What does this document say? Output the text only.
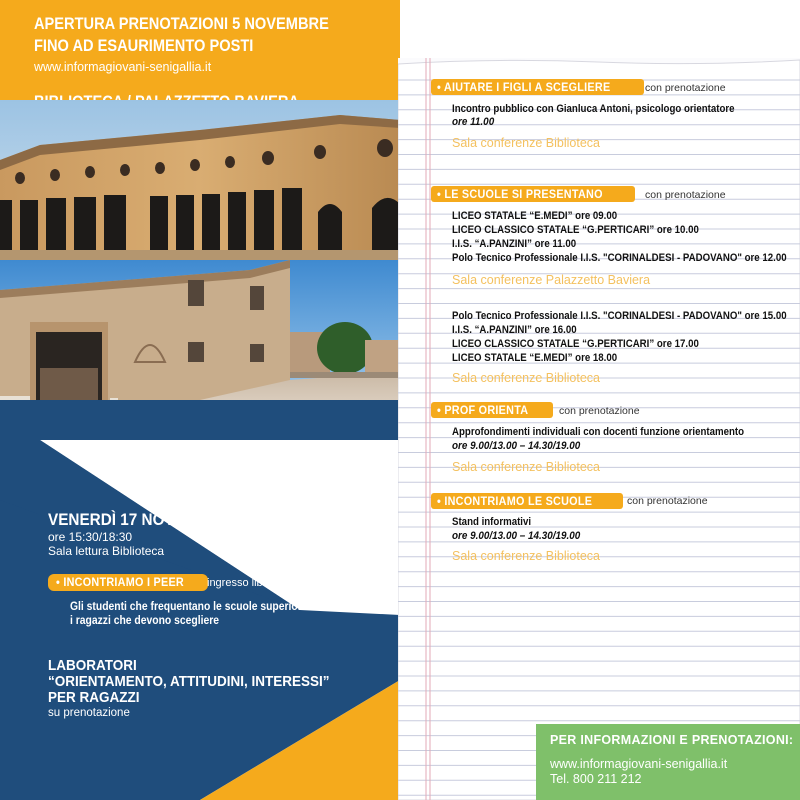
APERTURA PRENOTAZIONI 5 NOVEMBRE
FINO AD ESAURIMENTO POSTI
www.informagiovani-senigallia.it
VENERDÌ 17 NOVEMBRE
ore 15:30/18:30
Sala lettura Biblioteca
• INCONTRIAMO I PEER	ingresso libero
Gli studenti che frequentano le scuole superiori incontrano
i ragazzi che devono scegliere
LABORATORI
“ORIENTAMENTO, ATTITUDINI, INTERESSI”
PER RAGAZZI
su prenotazione
• AIUTARE I FIGLI A SCEGLIERE	con prenotazione
Incontro pubblico con Gianluca Antoni, psicologo orientatore
ore 11.00
Sala conferenze Biblioteca
• LE SCUOLE SI PRESENTANO	con prenotazione
LICEO STATALE “E.MEDI” ore 09.00
LICEO CLASSICO STATALE “G.PERTICARI” ore 10.00
I.I.S. “A.PANZINI” ore 11.00
Polo Tecnico Professionale I.I.S. "CORINALDESI - PADOVANO" ore 12.00
Sala conferenze Palazzetto Baviera
Polo Tecnico Professionale I.I.S. "CORINALDESI - PADOVANO" ore 15.00
I.I.S. “A.PANZINI” ore 16.00
LICEO CLASSICO STATALE “G.PERTICARI” ore 17.00
LICEO STATALE “E.MEDI” ore 18.00
Sala conferenze Biblioteca
• PROF ORIENTA	con prenotazione
Approfondimenti individuali con docenti funzione orientamento
ore 9.00/13.00 – 14.30/19.00
Sala conferenze Biblioteca
• INCONTRIAMO LE SCUOLE	con prenotazione
Stand informativi
ore 9.00/13.00 – 14.30/19.00
Sala conferenze Biblioteca
PER INFORMAZIONI E PRENOTAZIONI:
www.informagiovani-senigallia.it
Tel. 800 211 212
